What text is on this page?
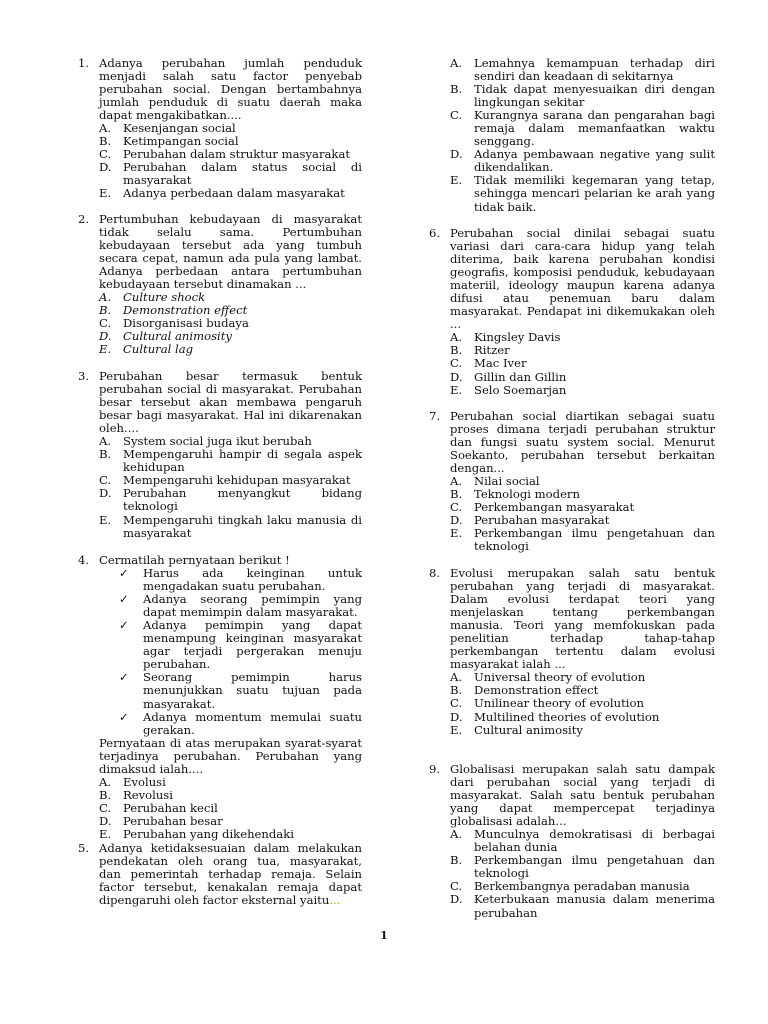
1. Adanya perubahan jumlah penduduk menjadi salah satu factor penyebab perubahan social. Dengan bertambahnya jumlah penduduk di suatu daerah maka dapat mengakibatkan....
A.	Kesenjangan social
B.	Ketimpangan social
C.	Perubahan dalam struktur masyarakat
D. Perubahan dalam status social di masyarakat
E.	Adanya perbedaan dalam masyarakat
2. Pertumbuhan kebudayaan di masyarakat tidak selalu sama. Pertumbuhan kebudayaan tersebut ada yang tumbuh secara cepat, namun ada pula yang lambat. Adanya perbedaan antara pertumbuhan kebudayaan tersebut dinamakan ...
A.	Culture shock
B.	Demonstration effect
C.	Disorganisasi budaya
D. Cultural animosity
E.	Cultural lag
3. Perubahan besar termasuk bentuk perubahan social di masyarakat. Perubahan besar tersebut akan membawa pengaruh besar bagi masyarakat. Hal ini dikarenakan oleh....
A.	System social juga ikut berubah
B.	Mempengaruhi hampir di segala aspek kehidupan
C.	Mempengaruhi kehidupan masyarakat
D. Perubahan menyangkut bidang teknologi
E.	Mempengaruhi tingkah laku manusia di masyarakat
4. Cermatilah pernyataan berikut !
✓	Harus ada keinginan untuk mengadakan suatu perubahan.
✓	Adanya seorang pemimpin yang dapat memimpin dalam masyarakat.
✓	Adanya pemimpin yang dapat menampung keinginan masyarakat agar terjadi pergerakan menuju perubahan.
✓	Seorang pemimpin harus menunjukkan suatu tujuan pada masyarakat.
✓	Adanya momentum memulai suatu gerakan.
Pernyataan di atas merupakan syarat-syarat terjadinya perubahan. Perubahan yang dimaksud ialah....
A.	Evolusi
B.	Revolusi
C.	Perubahan kecil
D. Perubahan besar
E.	Perubahan yang dikehendaki
5. Adanya ketidaksesuaian dalam melakukan pendekatan oleh orang tua, masyarakat, dan pemerintah terhadap remaja. Selain factor tersebut, kenakalan remaja dapat dipengaruhi oleh factor eksternal yaitu...
A.	Lemahnya kemampuan terhadap diri sendiri dan keadaan di sekitarnya
B.	Tidak dapat menyesuaikan diri dengan lingkungan sekitar
C.	Kurangnya sarana dan pengarahan bagi remaja dalam memanfaatkan waktu senggang.
D. Adanya pembawaan negative yang sulit dikendalikan.
E.	Tidak memiliki kegemaran yang tetap, sehingga mencari pelarian ke arah yang tidak baik.
6. Perubahan social dinilai sebagai suatu variasi dari cara-cara hidup yang telah diterima, baik karena perubahan kondisi geografis, komposisi penduduk, kebudayaan materiil, ideology maupun karena adanya difusi atau penemuan baru dalam masyarakat. Pendapat ini dikemukakan oleh ...
A.	Kingsley Davis
B.	Ritzer
C.	Mac Iver
D. Gillin dan Gillin
E.	Selo Soemarjan
7. Perubahan social diartikan sebagai suatu proses dimana terjadi perubahan struktur dan fungsi suatu system social. Menurut Soekanto, perubahan tersebut berkaitan dengan...
A.	Nilai social
B.	Teknologi modern
C.	Perkembangan masyarakat
D. Perubahan masyarakat
E.	Perkembangan ilmu pengetahuan dan teknologi
8. Evolusi merupakan salah satu bentuk perubahan yang terjadi di masyarakat. Dalam evolusi terdapat teori yang menjelaskan tentang perkembangan manusia. Teori yang memfokuskan pada penelitian terhadap tahap-tahap perkembangan tertentu dalam evolusi masyarakat ialah ...
A.	Universal theory of evolution
B.	Demonstration effect
C.	Unilinear theory of evolution
D. Multilined theories of evolution
E.	Cultural animosity
9. Globalisasi merupakan salah satu dampak dari perubahan social yang terjadi di masyarakat. Salah satu bentuk perubahan yang dapat mempercepat terjadinya globalisasi adalah...
A.	Munculnya demokratisasi di berbagai belahan dunia
B.	Perkembangan ilmu pengetahuan dan teknologi
C.	Berkembangnya peradaban manusia
D. Keterbukaan manusia dalam menerima perubahan
1
